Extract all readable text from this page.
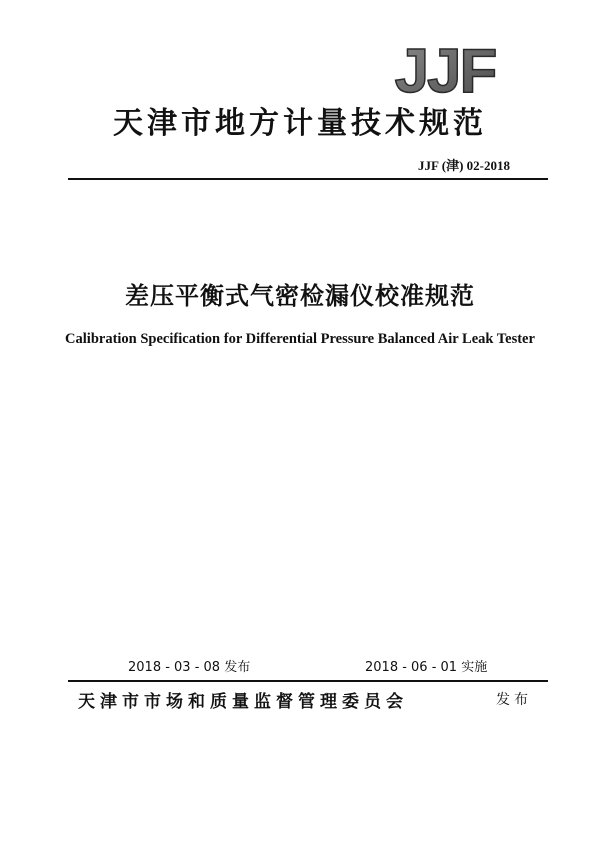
JJF
天津市地方计量技术规范
JJF (津) 02-2018
差压平衡式气密检漏仪校准规范
Calibration Specification for Differential Pressure Balanced Air Leak Tester
2018 - 03 - 08 发布	2018 - 06 - 01 实施
天津市市场和质量监督管理委员会	发布
